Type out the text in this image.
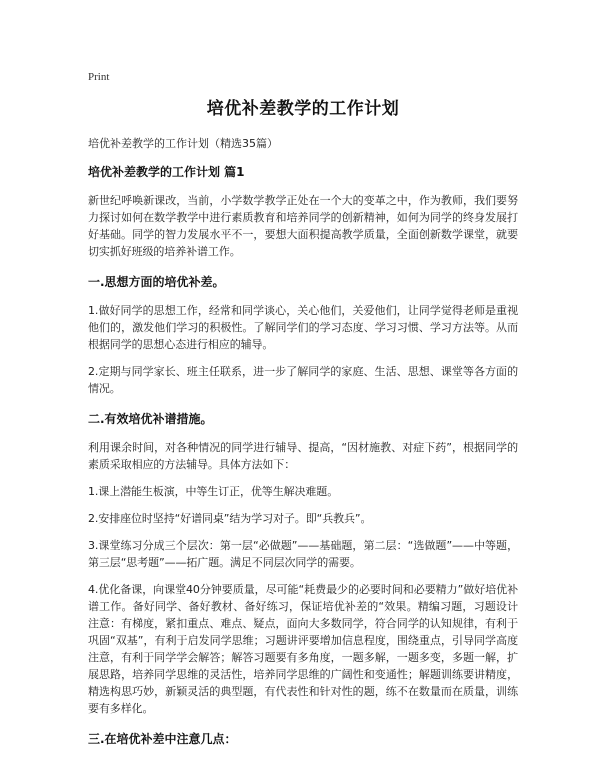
Print
培优补差教学的工作计划
培优补差教学的工作计划（精选35篇）
培优补差教学的工作计划 篇1

新世纪呼唤新课改，当前，小学数学教学正处在一个大的变革之中，作为教师，我们要努力探讨如何在数学教学中进行素质教育和培养同学的创新精神，如何为同学的终身发展打好基础。同学的智力发展水平不一，要想大面积提高教学质量，全面创新数学课堂，就要切实抓好班级的培养补谱工作。

一.思想方面的培优补差。

1.做好同学的思想工作，经常和同学谈心，关心他们，关爱他们，让同学觉得老师是重视他们的，激发他们学习的积极性。了解同学们的学习态度、学习习惯、学习方法等。从而根据同学的思想心态进行相应的辅导。

2.定期与同学家长、班主任联系，进一步了解同学的家庭、生活、思想、课堂等各方面的情况。

二.有效培优补谱措施。

利用课余时间，对各种情况的同学进行辅导、提高，“因材施教、对症下药”，根据同学的素质采取相应的方法辅导。具体方法如下：

1.课上潜能生板演，中等生订正，优等生解决难题。

2.安排座位时坚持“好谱同桌”结为学习对子。即“兵教兵”。

3.课堂练习分成三个层次：第一层“必做题”——基础题，第二层：“选做题”——中等题，第三层“思考题”——拓广题。满足不同层次同学的需要。

4.优化备课，向课堂40分钟要质量，尽可能“耗费最少的必要时间和必要精力”做好培优补谱工作。备好同学、备好教材、备好练习，保证培优补差的“效果。精编习题，习题设计注意：有梯度，紧扣重点、难点、疑点，面向大多数同学，符合同学的认知规律，有利于巩固“双基”，有利于启发同学思维；习题讲评要增加信息程度，围绕重点，引导同学高度注意，有利于同学学会解答；解答习题要有多角度，一题多解，一题多变，多题一解，扩展思路，培养同学思维的灵活性，培养同学思维的广阔性和变通性；解题训练要讲精度，精选构思巧妙，新颖灵活的典型题，有代表性和针对性的题，练不在数量而在质量，训练要有多样化。

三.在培优补差中注意几点：
